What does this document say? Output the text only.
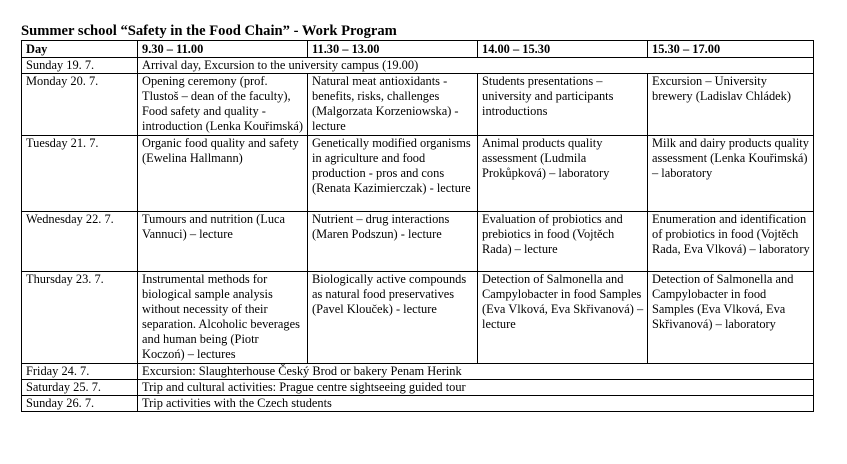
Summer school “Safety in the Food Chain” - Work Program
Day	9.30 – 11.00	11.30 – 13.00	14.00 – 15.30	15.30 – 17.00
Sunday 19. 7.	Arrival day, Excursion to the university campus (19.00)			
Monday 20. 7.	Opening ceremony (prof. Tlustoš – dean of the faculty), Food safety and quality - introduction (Lenka Kouřimská)	Natural meat antioxidants - benefits, risks, challenges (Malgorzata Korzeniowska) - lecture	Students presentations – university and participants introductions	Excursion – University brewery (Ladislav Chládek)
Tuesday 21. 7.	Organic food quality and safety (Ewelina Hallmann)	Genetically modified organisms in agriculture and food production - pros and cons (Renata Kazimierczak) - lecture	Animal products quality assessment (Ludmila Prokůpková) – laboratory	Milk and dairy products quality assessment (Lenka Kouřimská) – laboratory
Wednesday 22. 7.	Tumours and nutrition (Luca Vannuci) – lecture	Nutrient – drug interactions (Maren Podszun) - lecture	Evaluation of probiotics and prebiotics in food (Vojtěch Rada) – lecture	Enumeration and identification of probiotics in food (Vojtěch Rada, Eva Vlková) – laboratory
Thursday 23. 7.	Instrumental methods for biological sample analysis without necessity of their separation. Alcoholic beverages and human being (Piotr Koczoń) – lectures	Biologically active compounds as natural food preservatives (Pavel Klouček) - lecture	Detection of Salmonella and Campylobacter in food Samples (Eva Vlková, Eva Skřivanová) – lecture	Detection of Salmonella and Campylobacter in food Samples (Eva Vlková, Eva Skřivanová) – laboratory
Friday 24. 7.	Excursion: Slaughterhouse Český Brod or bakery Penam Herink			
Saturday 25. 7.	Trip and cultural activities: Prague centre sightseeing guided tour			
Sunday 26. 7.	Trip activities with the Czech students			
